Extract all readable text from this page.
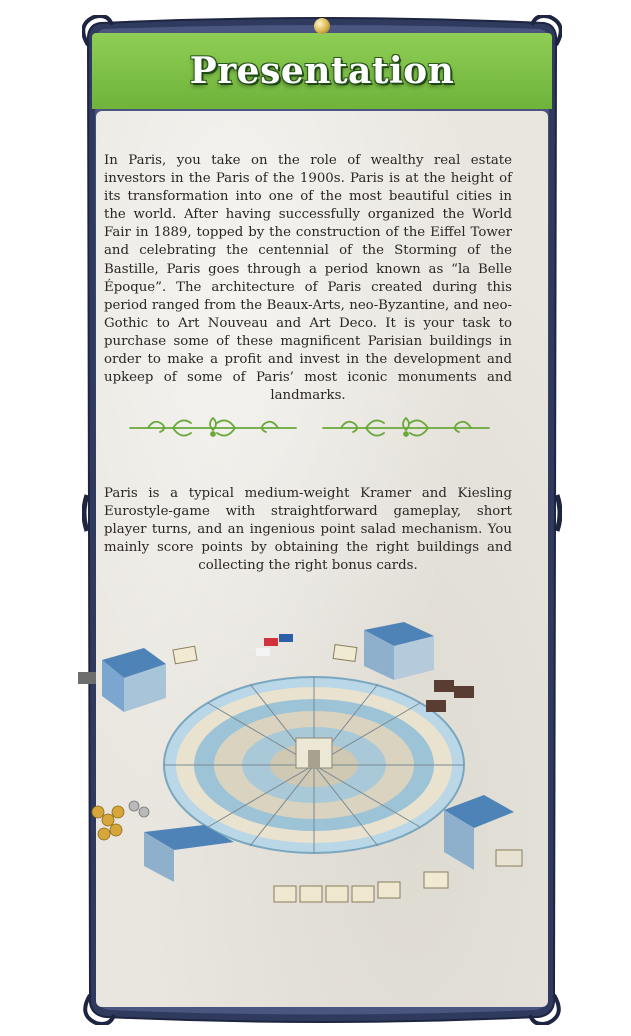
Presentation

In Paris, you take on the role of wealthy real estate investors in the Paris of the 1900s. Paris is at the height of its transformation into one of the most beautiful cities in the world. After having successfully organized the World Fair in 1889, topped by the construction of the Eiffel Tower and celebrating the centennial of the Storming of the Bastille, Paris goes through a period known as “la Belle Époque”. The architecture of Paris created during this period ranged from the Beaux-Arts, neo-Byzantine, and neo-Gothic to Art Nouveau and Art Deco. It is your task to purchase some of these magnificent Parisian buildings in order to make a profit and invest in the development and upkeep of some of Paris’ most iconic monuments and landmarks.

Paris is a typical medium-weight Kramer and Kiesling Eurostyle-game with straightforward gameplay, short player turns, and an ingenious point salad mechanism. You mainly score points by obtaining the right buildings and collecting the right bonus cards.
